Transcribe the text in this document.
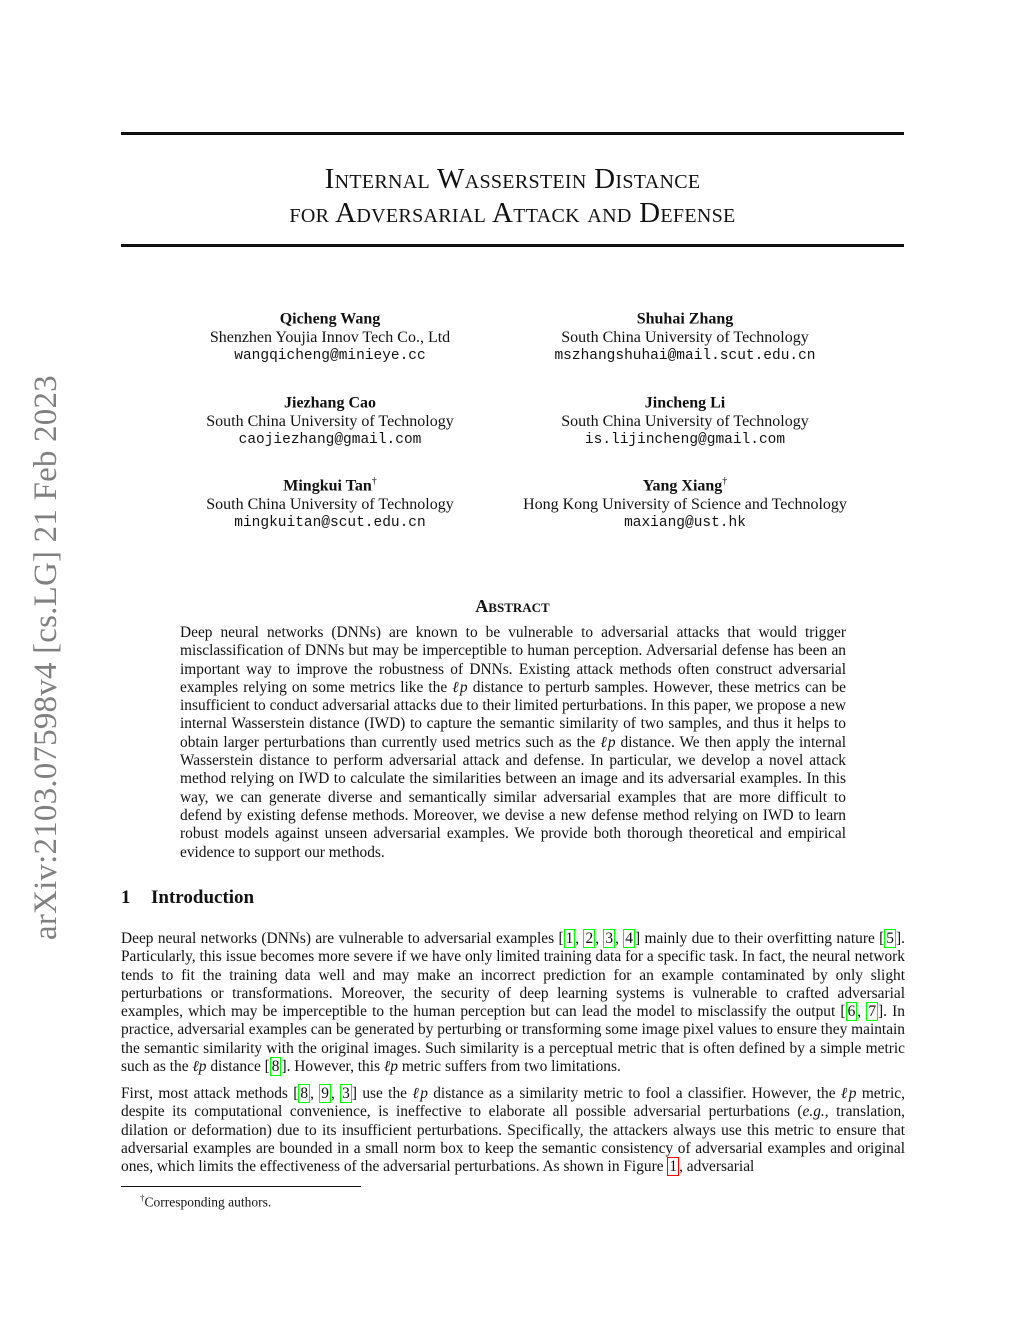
arXiv:2103.07598v4 [cs.LG] 21 Feb 2023
Internal Wasserstein Distance
for Adversarial Attack and Defense
Qicheng Wang
Shenzhen Youjia Innov Tech Co., Ltd
wangqicheng@minieye.cc
Shuhai Zhang
South China University of Technology
mszhangshuhai@mail.scut.edu.cn
Jiezhang Cao
South China University of Technology
caojiezhang@gmail.com
Jincheng Li
South China University of Technology
is.lijincheng@gmail.com
Mingkui Tan†
South China University of Technology
mingkuitan@scut.edu.cn
Yang Xiang†
Hong Kong University of Science and Technology
maxiang@ust.hk
Abstract
Deep neural networks (DNNs) are known to be vulnerable to adversarial attacks that would trigger misclassification of DNNs but may be imperceptible to human perception. Adversarial defense has been an important way to improve the robustness of DNNs. Existing attack methods often construct adversarial examples relying on some metrics like the ℓp distance to perturb samples. However, these metrics can be insufficient to conduct adversarial attacks due to their limited perturbations. In this paper, we propose a new internal Wasserstein distance (IWD) to capture the semantic similarity of two samples, and thus it helps to obtain larger perturbations than currently used metrics such as the ℓp distance. We then apply the internal Wasserstein distance to perform adversarial attack and defense. In particular, we develop a novel attack method relying on IWD to calculate the similarities between an image and its adversarial examples. In this way, we can generate diverse and semantically similar adversarial examples that are more difficult to defend by existing defense methods. Moreover, we devise a new defense method relying on IWD to learn robust models against unseen adversarial examples. We provide both thorough theoretical and empirical evidence to support our methods.
1 Introduction
Deep neural networks (DNNs) are vulnerable to adversarial examples [ 1 , 2 , 3 , 4 ] mainly due to their overfitting nature [ 5 ]. Particularly, this issue becomes more severe if we have only limited training data for a specific task. In fact, the neural network tends to fit the training data well and may make an incorrect prediction for an example contaminated by only slight perturbations or transformations. Moreover, the security of deep learning systems is vulnerable to crafted adversarial examples, which may be imperceptible to the human perception but can lead the model to misclassify the output [ 6 , 7 ]. In practice, adversarial examples can be generated by perturbing or transforming some image pixel values to ensure they maintain the semantic similarity with the original images. Such similarity is a perceptual metric that is often defined by a simple metric such as the ℓp distance [ 8 ]. However, this ℓp metric suffers from two limitations.
First, most attack methods [ 8 , 9 , 3 ] use the ℓp distance as a similarity metric to fool a classifier. However, the ℓp metric, despite its computational convenience, is ineffective to elaborate all possible adversarial perturbations (e.g., translation, dilation or deformation) due to its insufficient perturbations. Specifically, the attackers always use this metric to ensure that adversarial examples are bounded in a small norm box to keep the semantic consistency of adversarial examples and original ones, which limits the effectiveness of the adversarial perturbations. As shown in Figure 1 , adversarial
†Corresponding authors.
